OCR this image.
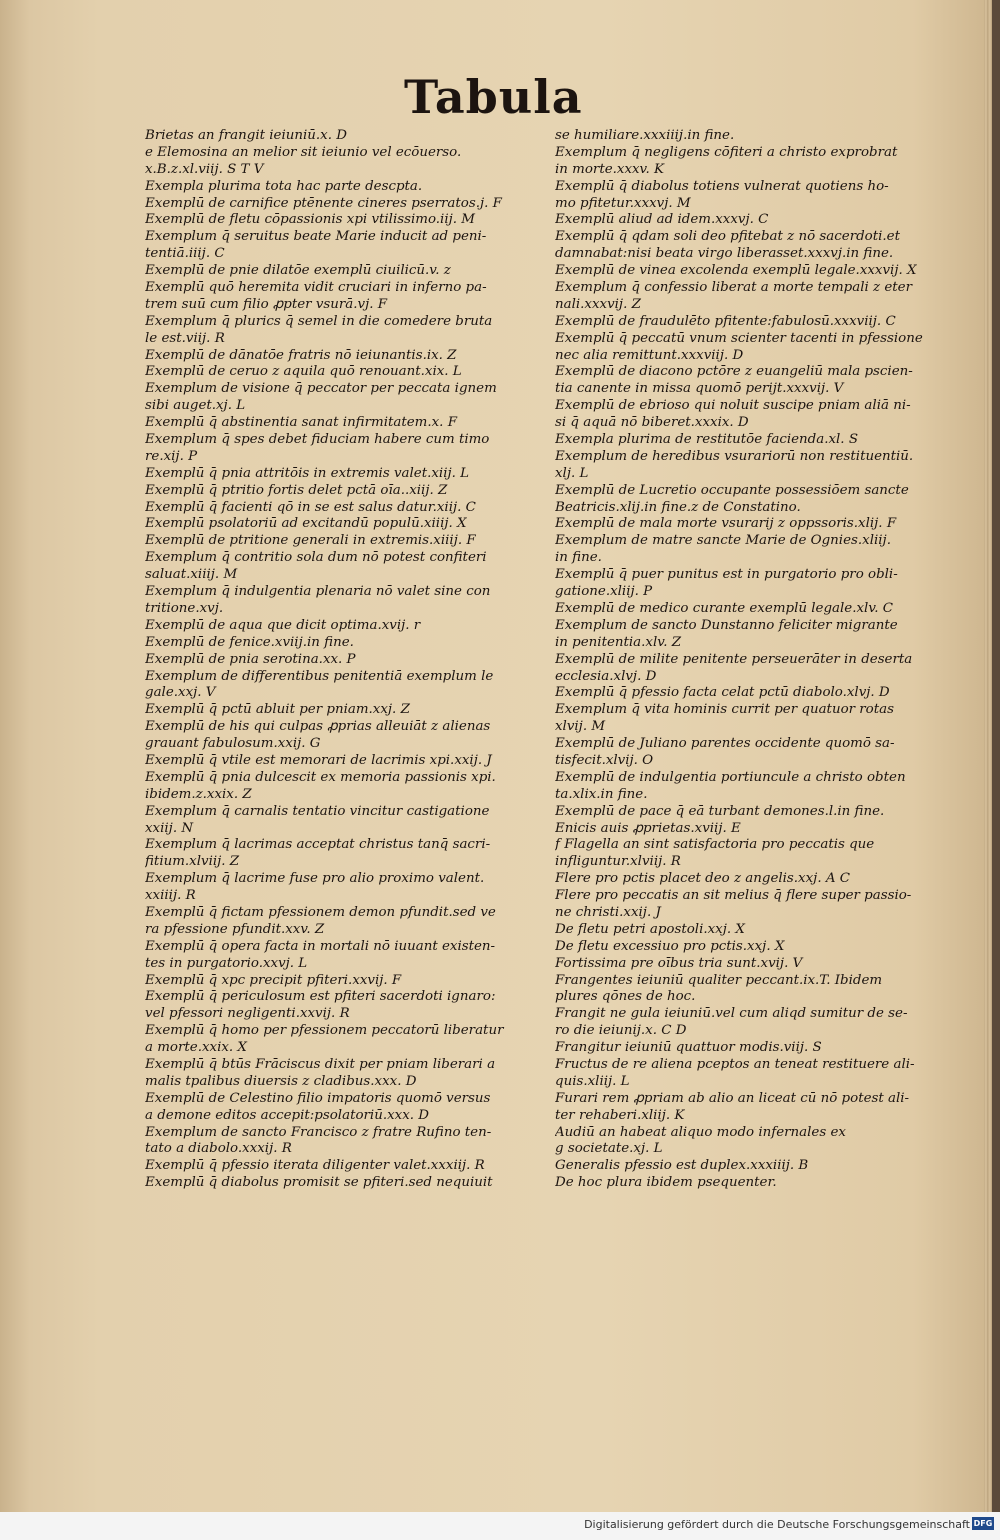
Tabula
Brietas an frangit ieiuniū.x. D
e Elemosina an melior sit ieiunio vel ecōuerso.
x.B.z.xl.viij. S T V
Exempla plurima tota hac parte descpta.
Exemplū de carnifice ptēnente cineres pserratos.j. F
Exemplū de fletu cōpassionis xpi vtilissimo.iij. M
Exemplum q̄ seruitus beate Marie inducit ad peni-
tentiā.iiij. C
Exemplū de pnie dilatōe exemplū ciuilicū.v. z
Exemplū quō heremita vidit cruciari in inferno pa-
trem suū cum filio ꝓpter vsurā.vj. F
Exemplum q̄ plurics q̄ semel in die comedere bruta
le est.viij. R
Exemplū de dānatōe fratris nō ieiunantis.ix. Z
Exemplū de ceruo z aquila quō renouant.xix. L
Exemplum de visione q̄ peccator per peccata ignem
sibi auget.xj. L
Exemplū q̄ abstinentia sanat infirmitatem.x. F
Exemplum q̄ spes debet fiduciam habere cum timo
re.xij. P
Exemplū q̄ pnia attritōis in extremis valet.xiij. L
Exemplū q̄ ptritio fortis delet pctā oīa..xiij. Z
Exemplū q̄ facienti qō in se est salus datur.xiij. C
Exemplū psolatoriū ad excitandū populū.xiiij. X
Exemplū de ptritione generali in extremis.xiiij. F
Exemplum q̄ contritio sola dum nō potest confiteri
saluat.xiiij. M
Exemplum q̄ indulgentia plenaria nō valet sine con
tritione.xvj.
Exemplū de aqua que dicit optima.xvij. r
Exemplū de fenice.xviij.in fine.
Exemplū de pnia serotina.xx. P
Exemplum de differentibus penitentiā exemplum le
gale.xxj. V
Exemplū q̄ pctū abluit per pniam.xxj. Z
Exemplū de his qui culpas ꝓprias alleuiāt z alienas
grauant fabulosum.xxij. G
Exemplū q̄ vtile est memorari de lacrimis xpi.xxij. J
Exemplū q̄ pnia dulcescit ex memoria passionis xpi.
ibidem.z.xxix. Z
Exemplum q̄ carnalis tentatio vincitur castigatione
xxiij. N
Exemplum q̄ lacrimas acceptat christus tanq̄ sacri-
fitium.xlviij. Z
Exemplum q̄ lacrime fuse pro alio proximo valent.
xxiiij. R
Exemplū q̄ fictam pfessionem demon pfundit.sed ve
ra pfessione pfundit.xxv. Z
Exemplū q̄ opera facta in mortali nō iuuant existen-
tes in purgatorio.xxvj. L
Exemplū q̄ xpc precipit pfiteri.xxvij. F
Exemplū q̄ periculosum est pfiteri sacerdoti ignaro:
vel pfessori negligenti.xxvij. R
Exemplū q̄ homo per pfessionem peccatorū liberatur
a morte.xxix. X
Exemplū q̄ btūs Frāciscus dixit per pniam liberari a
malis tpalibus diuersis z cladibus.xxx. D
Exemplū de Celestino filio impatoris quomō versus
a demone editos accepit:psolatoriū.xxx. D
Exemplum de sancto Francisco z fratre Rufino ten-
tato a diabolo.xxxij. R
Exemplū q̄ pfessio iterata diligenter valet.xxxiij. R
Exemplū q̄ diabolus promisit se pfiteri.sed nequiuit
se humiliare.xxxiiij.in fine.
Exemplum q̄ negligens cōfiteri a christo exprobrat
in morte.xxxv. K
Exemplū q̄ diabolus totiens vulnerat quotiens ho-
mo pfitetur.xxxvj. M
Exemplū aliud ad idem.xxxvj. C
Exemplū q̄ qdam soli deo pfitebat z nō sacerdoti.et
damnabat:nisi beata virgo liberasset.xxxvj.in fine.
Exemplū de vinea excolenda exemplū legale.xxxvij. X
Exemplum q̄ confessio liberat a morte tempali z eter
nali.xxxvij. Z
Exemplū de fraudulēto pfitente:fabulosū.xxxviij. C
Exemplū q̄ peccatū vnum scienter tacenti in pfessione
nec alia remittunt.xxxviij. D
Exemplū de diacono pctōre z euangeliū mala pscien-
tia canente in missa quomō perijt.xxxvij. V
Exemplū de ebrioso qui noluit suscipe pniam aliā ni-
si q̄ aquā nō biberet.xxxix. D
Exempla plurima de restitutōe facienda.xl. S
Exemplum de heredibus vsurariorū non restituentiū.
xlj. L
Exemplū de Lucretio occupante possessiōem sancte
Beatricis.xlij.in fine.z de Constatino.
Exemplū de mala morte vsurarij z oppssoris.xlij. F
Exemplum de matre sancte Marie de Ognies.xliij.
in fine.
Exemplū q̄ puer punitus est in purgatorio pro obli-
gatione.xliij. P
Exemplū de medico curante exemplū legale.xlv. C
Exemplum de sancto Dunstanno feliciter migrante
in penitentia.xlv. Z
Exemplū de milite penitente perseuerāter in deserta
ecclesia.xlvj. D
Exemplū q̄ pfessio facta celat pctū diabolo.xlvj. D
Exemplum q̄ vita hominis currit per quatuor rotas
xlvij. M
Exemplū de Juliano parentes occidente quomō sa-
tisfecit.xlvij. O
Exemplū de indulgentia portiuncule a christo obten
ta.xlix.in fine.
Exemplū de pace q̄ eā turbant demones.l.in fine.
Enicis auis ꝓprietas.xviij. E
f Flagella an sint satisfactoria pro peccatis que
infliguntur.xlviij. R
Flere pro pctis placet deo z angelis.xxj. A C
Flere pro peccatis an sit melius q̄ flere super passio-
ne christi.xxij. J
De fletu petri apostoli.xxj. X
De fletu excessiuo pro pctis.xxj. X
Fortissima pre oībus tria sunt.xvij. V
Frangentes ieiuniū qualiter peccant.ix.T. Ibidem
plures qōnes de hoc.
Frangit ne gula ieiuniū.vel cum aliqd sumitur de se-
ro die ieiunij.x. C D
Frangitur ieiuniū quattuor modis.viij. S
Fructus de re aliena pceptos an teneat restituere ali-
quis.xliij. L
Furari rem ꝓpriam ab alio an liceat cū nō potest ali-
ter rehaberi.xliij. K
Audiū an habeat aliquo modo infernales ex
g societate.xj. L
Generalis pfessio est duplex.xxxiiij. B
De hoc plura ibidem psequenter.
Digitalisierung gefördert durch die Deutsche Forschungsgemeinschaft DFG
